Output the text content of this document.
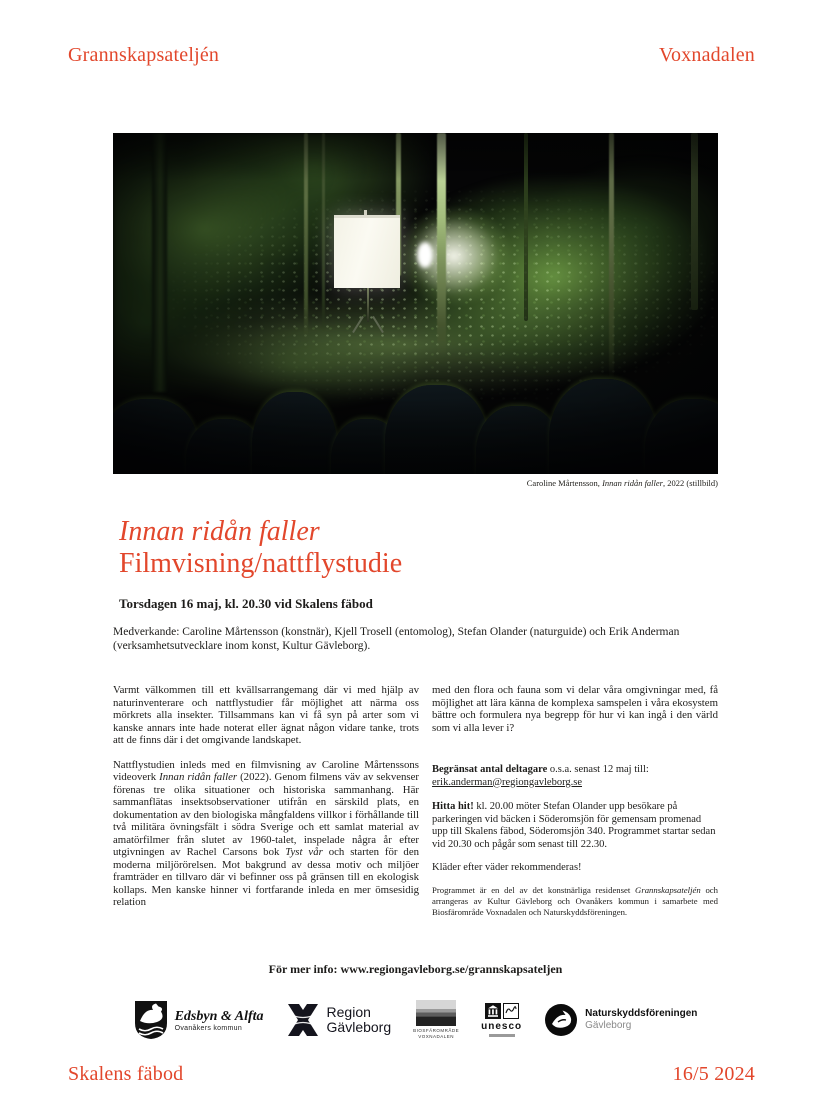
Grannskapsateljén	Voxnadalen
Caroline Mårtensson, Innan ridån faller, 2022 (stillbild)
Innan ridån faller
Filmvisning/nattflystudie

Torsdagen 16 maj, kl. 20.30 vid Skalens fäbod

Medverkande: Caroline Mårtensson (konstnär), Kjell Trosell (entomolog), Stefan Olander (naturguide) och Erik Anderman (verksamhetsutvecklare inom konst, Kultur Gävleborg).

Varmt välkommen till ett kvällsarrangemang där vi med hjälp av naturinventerare och nattflystudier får möjlighet att närma oss mörkrets alla insekter. Tillsammans kan vi få syn på arter som vi kanske annars inte hade noterat eller ägnat någon vidare tanke, trots att de finns där i det omgivande landskapet.

Nattflystudien inleds med en filmvisning av Caroline Mårtenssons videoverk Innan ridån faller (2022). Genom filmens väv av sekvenser förenas tre olika situationer och historiska sammanhang. Här sammanflätas insektsobservationer utifrån en särskild plats, en dokumentation av den biologiska mångfaldens villkor i förhållande till två militära övningsfält i södra Sverige och ett samlat material av amatörfilmer från slutet av 1960-talet, inspelade några år efter utgivningen av Rachel Carsons bok Tyst vår och starten för den moderna miljörörelsen. Mot bakgrund av dessa motiv och miljöer framträder en tillvaro där vi befinner oss på gränsen till en ekologisk kollaps. Men kanske hinner vi fortfarande inleda en mer ömsesidig relation

med den flora och fauna som vi delar våra omgivningar med, få möjlighet att lära känna de komplexa samspelen i våra ekosystem bättre och formulera nya begrepp för hur vi kan ingå i den värld som vi alla lever i?

Begränsat antal deltagare o.s.a. senast 12 maj till:
erik.anderman@regiongavleborg.se

Hitta hit! kl. 20.00 möter Stefan Olander upp besökare på parkeringen vid bäcken i Söderomsjön för gemensam promenad upp till Skalens fäbod, Söderomsjön 340. Programmet startar sedan vid 20.30 och pågår som senast till 22.30.

Kläder efter väder rekommenderas!

Programmet är en del av det konstnärliga residenset Grannskapsateljén och arrangeras av Kultur Gävleborg och Ovanåkers kommun i samarbete med Biosfärområde Voxnadalen och Naturskyddsföreningen.

För mer info: www.regiongavleborg.se/grannskapsateljen

Edsbyn & Alfta
Ovanåkers kommun
Region
Gävleborg	BIOSFÄROMRÅDE
VOXNADALEN
unesco
Naturskyddsföreningen
Gävleborg
Skalens fäbod	16/5 2024
